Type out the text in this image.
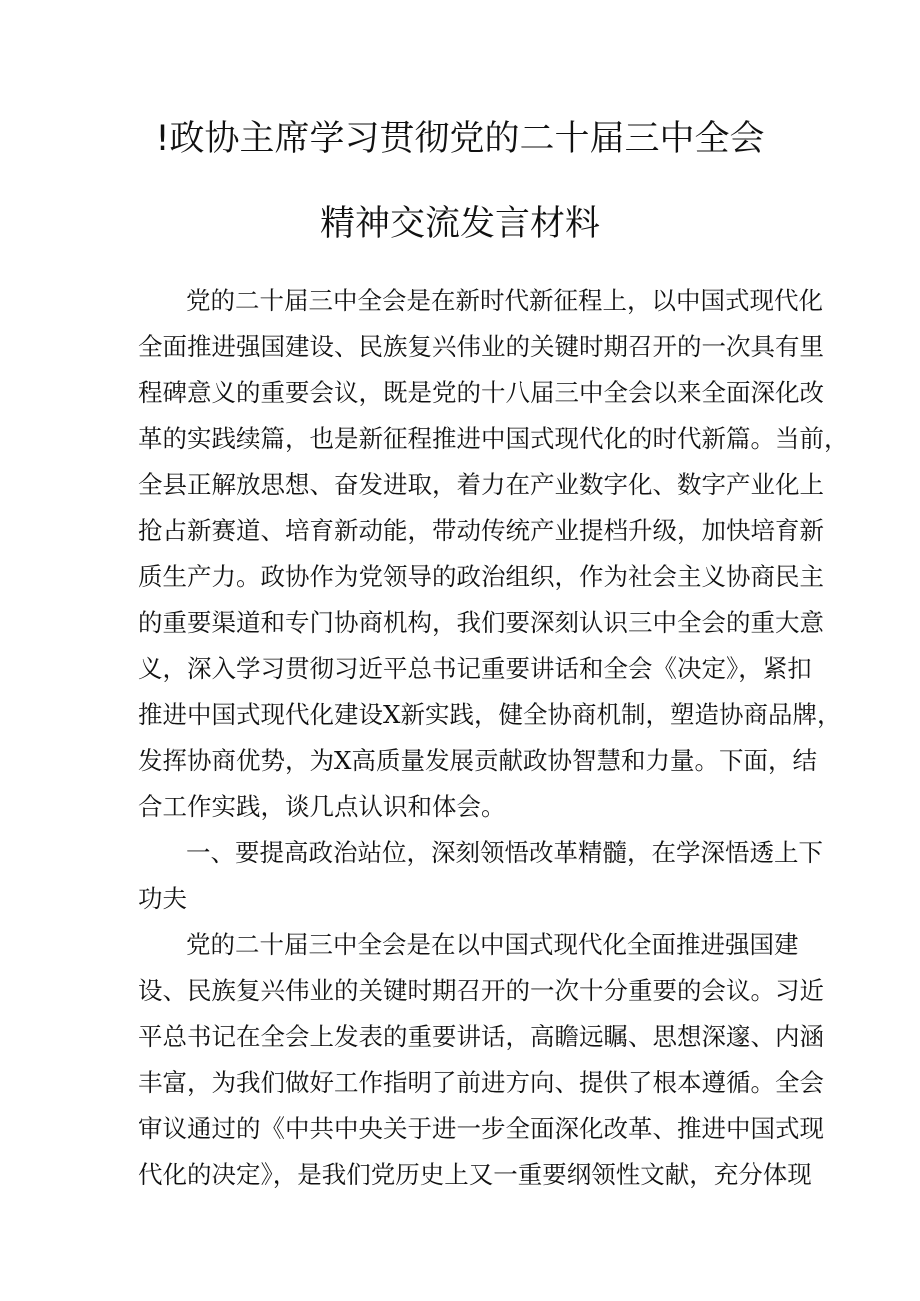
!政协主席学习贯彻党的二十届三中全会
精神交流发言材料
党的二十届三中全会是在新时代新征程上，以中国式现代化
全面推进强国建设、民族复兴伟业的关键时期召开的一次具有里
程碑意义的重要会议，既是党的十八届三中全会以来全面深化改
革的实践续篇，也是新征程推进中国式现代化的时代新篇。当前，
全县正解放思想、奋发进取，着力在产业数字化、数字产业化上
抢占新赛道、培育新动能，带动传统产业提档升级，加快培育新
质生产力。政协作为党领导的政治组织，作为社会主义协商民主
的重要渠道和专门协商机构，我们要深刻认识三中全会的重大意
义，深入学习贯彻习近平总书记重要讲话和全会《决定》，紧扣
推进中国式现代化建设X新实践，健全协商机制，塑造协商品牌，
发挥协商优势，为X高质量发展贡献政协智慧和力量。下面，结
合工作实践，谈几点认识和体会。
一、要提高政治站位，深刻领悟改革精髓，在学深悟透上下
功夫
党的二十届三中全会是在以中国式现代化全面推进强国建
设、民族复兴伟业的关键时期召开的一次十分重要的会议。习近
平总书记在全会上发表的重要讲话，高瞻远瞩、思想深邃、内涵
丰富，为我们做好工作指明了前进方向、提供了根本遵循。全会
审议通过的《中共中央关于进一步全面深化改革、推进中国式现
代化的决定》，是我们党历史上又一重要纲领性文献，充分体现
